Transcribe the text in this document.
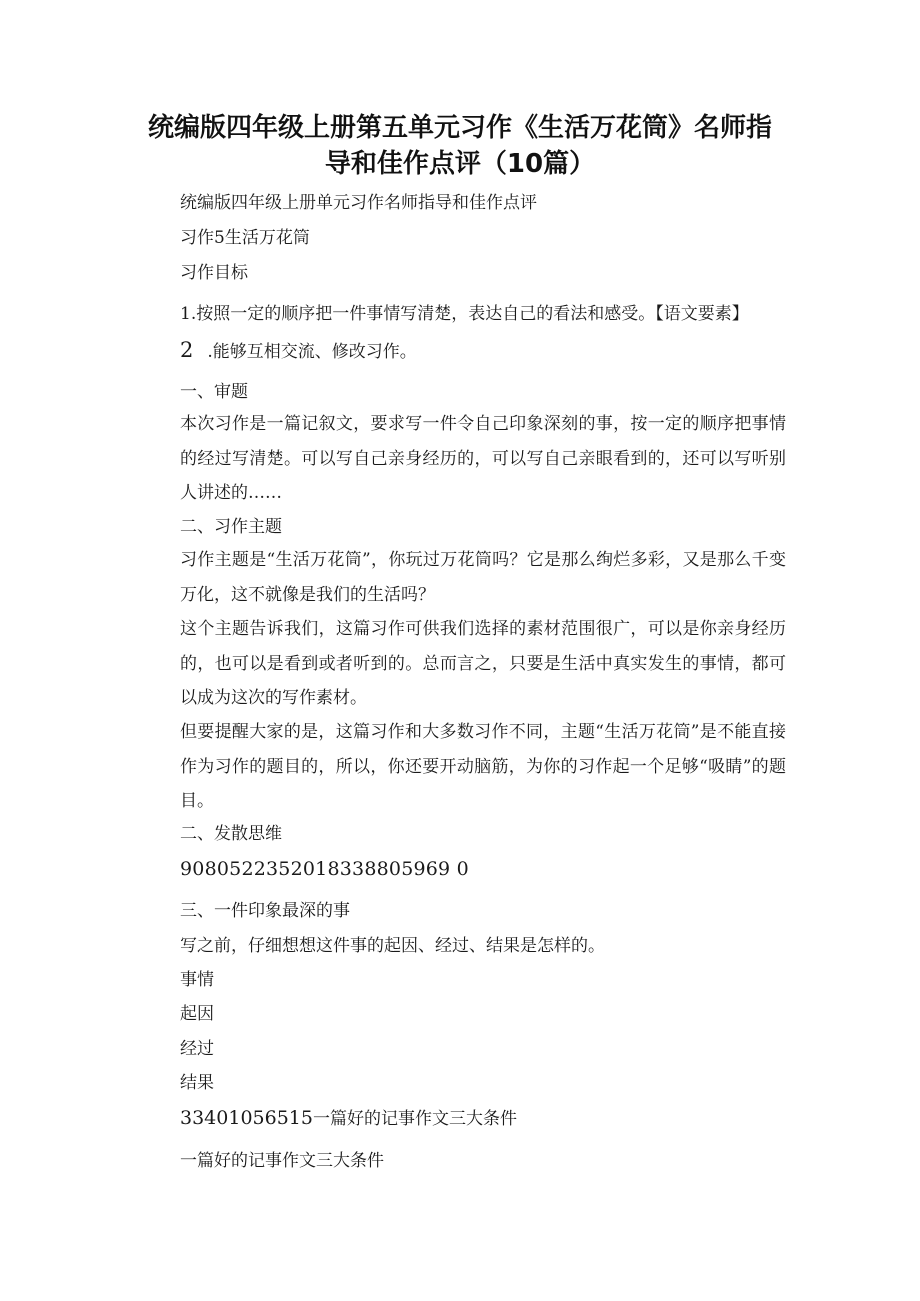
统编版四年级上册第五单元习作《生活万花筒》名师指
导和佳作点评（10篇）
统编版四年级上册单元习作名师指导和佳作点评
习作5生活万花筒
习作目标
1.按照一定的顺序把一件事情写清楚，表达自己的看法和感受。【语文要素】
2 .能够互相交流、修改习作。
一、审题
本次习作是一篇记叙文，要求写一件令自己印象深刻的事，按一定的顺序把事情的经过写清楚。可以写自己亲身经历的，可以写自己亲眼看到的，还可以写听别人讲述的……
二、习作主题
习作主题是“生活万花筒”，你玩过万花筒吗？它是那么绚烂多彩，又是那么千变万化，这不就像是我们的生活吗？
这个主题告诉我们，这篇习作可供我们选择的素材范围很广，可以是你亲身经历的，也可以是看到或者听到的。总而言之，只要是生活中真实发生的事情，都可以成为这次的写作素材。
但要提醒大家的是，这篇习作和大多数习作不同，主题“生活万花筒”是不能直接作为习作的题目的，所以，你还要开动脑筋，为你的习作起一个足够“吸睛”的题目。
二、发散思维
9080522352018338805969 0
三、一件印象最深的事
写之前，仔细想想这件事的起因、经过、结果是怎样的。
事情
起因
经过
结果
33401056515一篇好的记事作文三大条件
一篇好的记事作文三大条件
